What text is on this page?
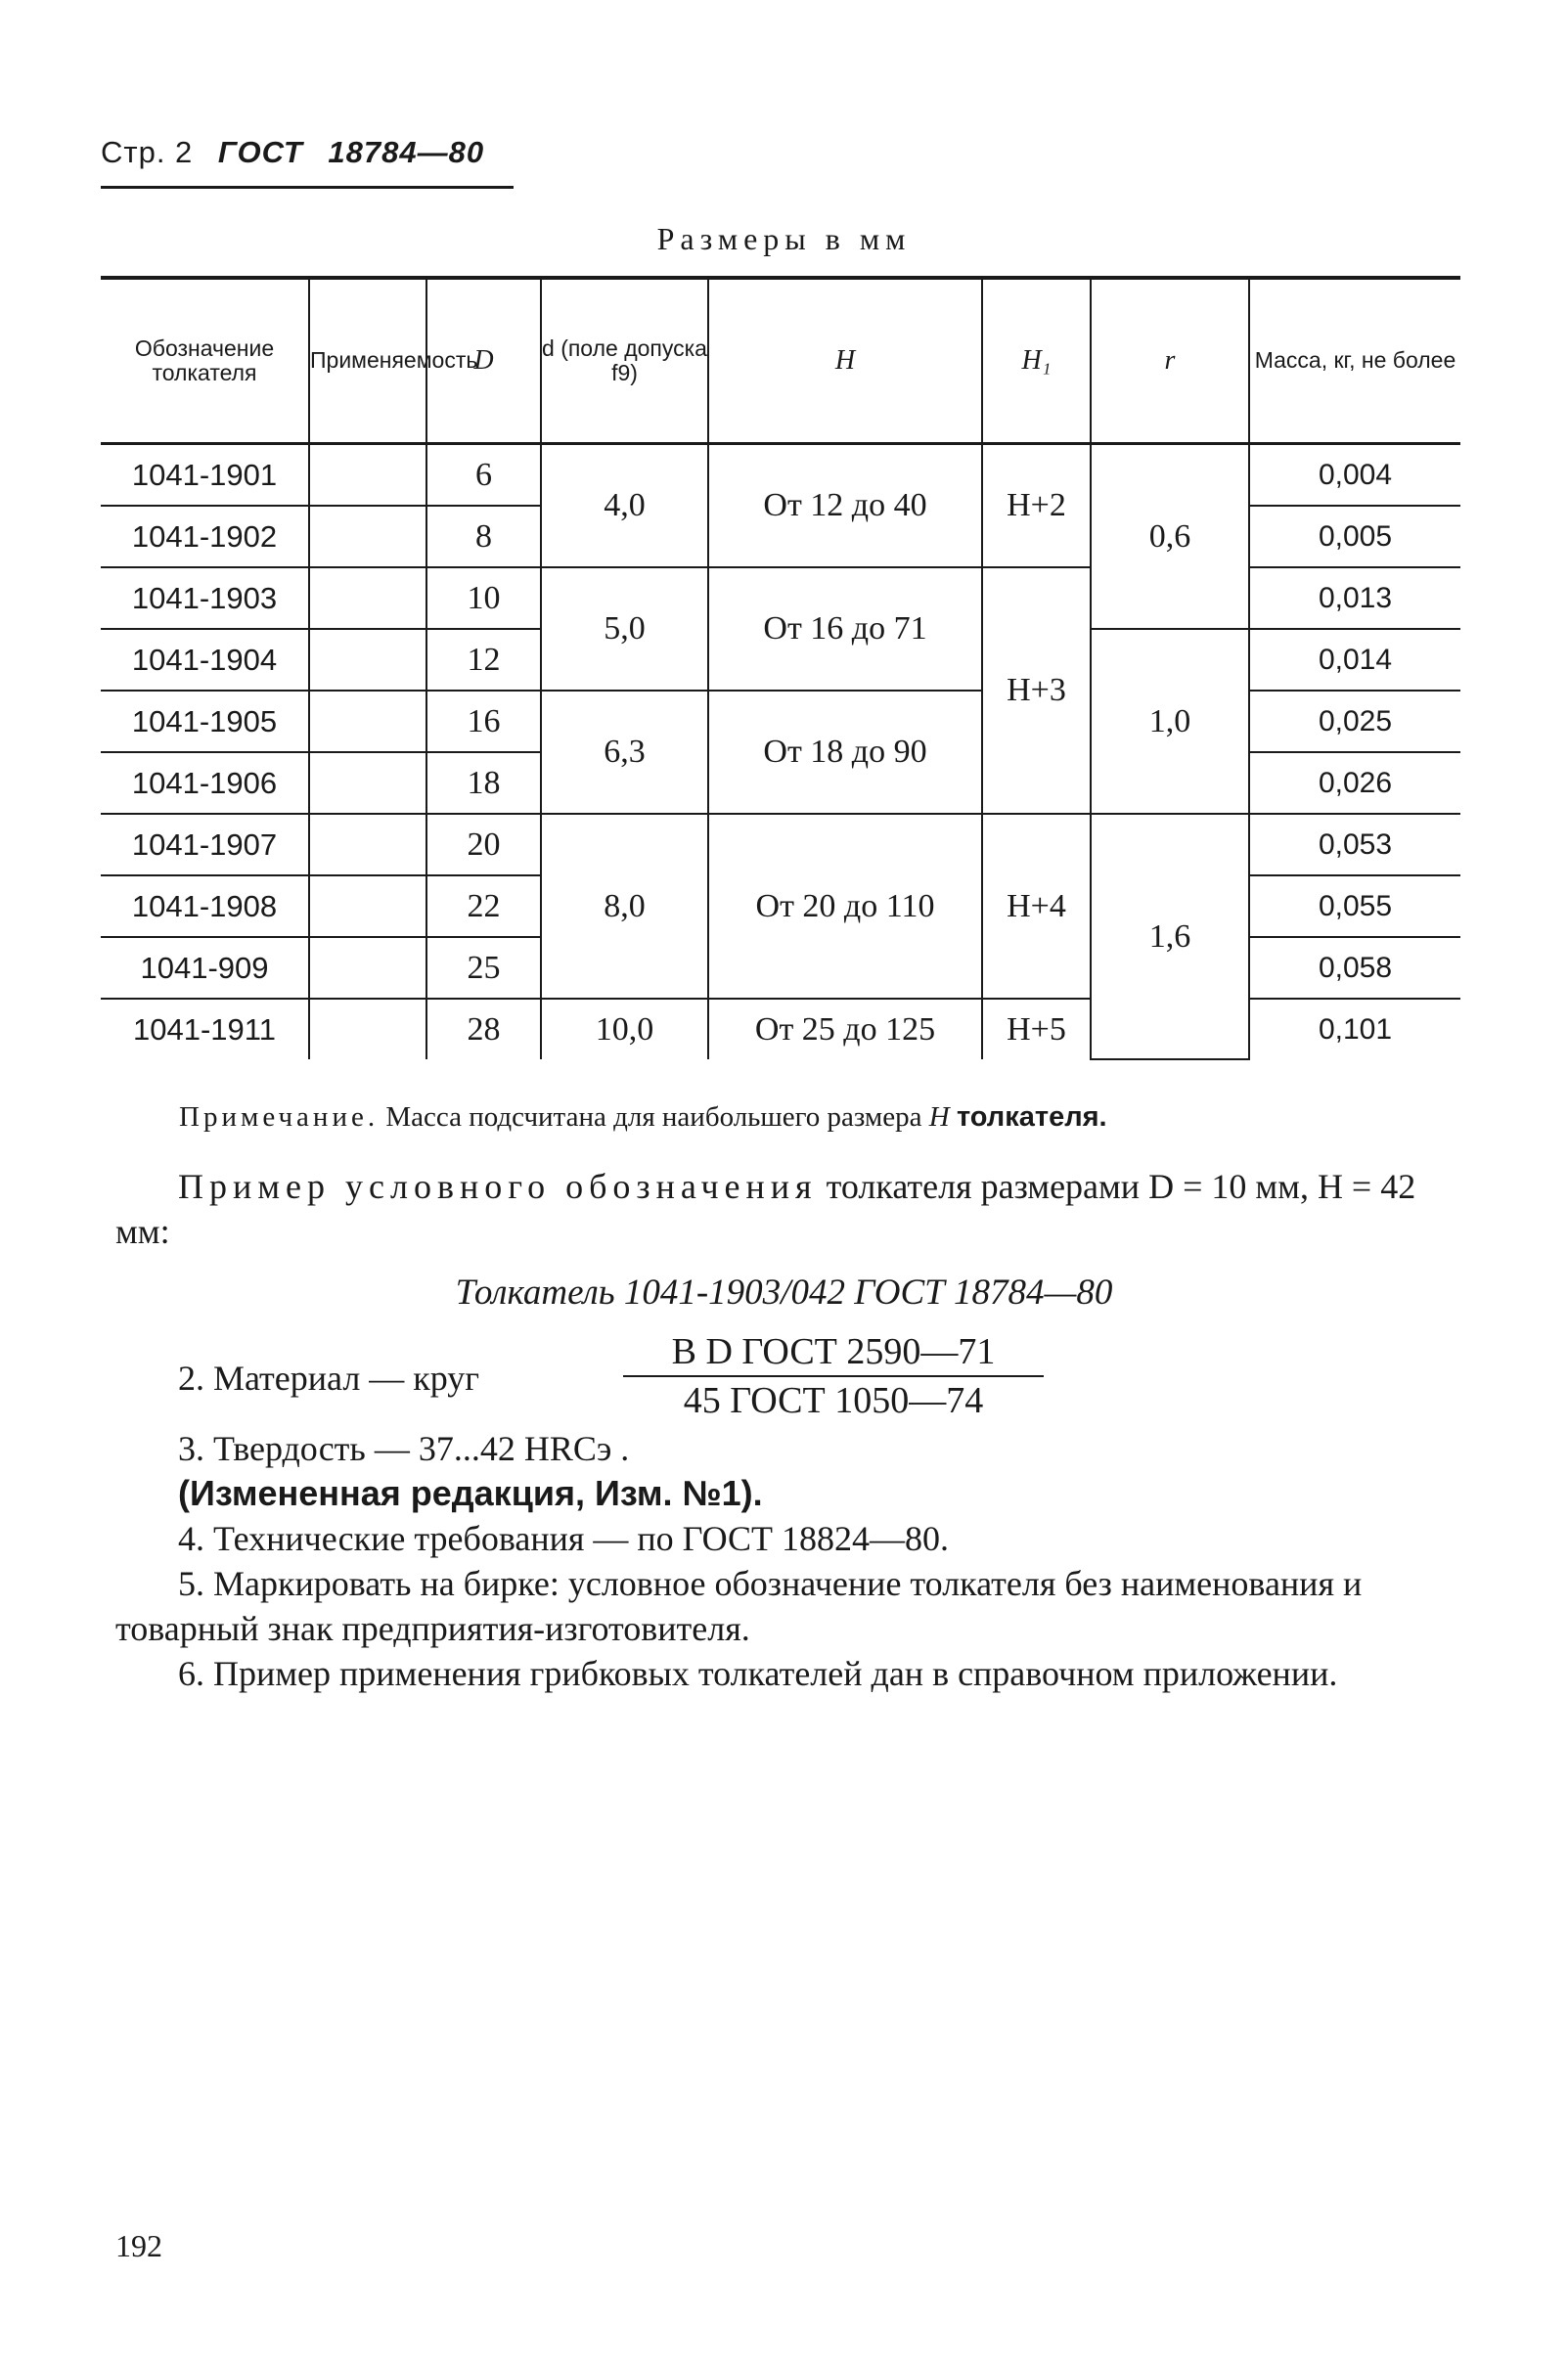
Стр. 2 ГОСТ 18784—80
Размеры в мм
Обозначение толкателя	Применяемость	D	d (поле допуска f9)	H	H₁	r	Масса, кг, не более
1041-1901		6	4,0	От 12 до 40	Н+2	0,6	0,004
1041-1902		8					0,005
1041-1903		10	5,0	От 16 до 71	Н+3		0,013
1041-1904		12				1,0	0,014
1041-1905		16	6,3	От 18 до 90			0,025
1041-1906		18					0,026
1041-1907		20	8,0	От 20 до 110	Н+4	1,6	0,053
1041-1908		22					0,055
1041-909		25					0,058
1041-1911		28	10,0	От 25 до 125	Н+5		0,101
Примечание. Масса подсчитана для наибольшего размера H толкателя.
Пример условного обозначения толкателя размерами D = 10 мм, H = 42 мм:
Толкатель 1041-1903/042 ГОСТ 18784—80
2. Материал — круг
В D ГОСТ 2590—71
45 ГОСТ 1050—74
3. Твердость — 37...42 HRCэ .
(Измененная редакция, Изм. №1).
4. Технические требования — по ГОСТ 18824—80.
5. Маркировать на бирке: условное обозначение толкателя без наименования и товарный знак предприятия-изготовителя.
6. Пример применения грибковых толкателей дан в справочном приложении.
192
